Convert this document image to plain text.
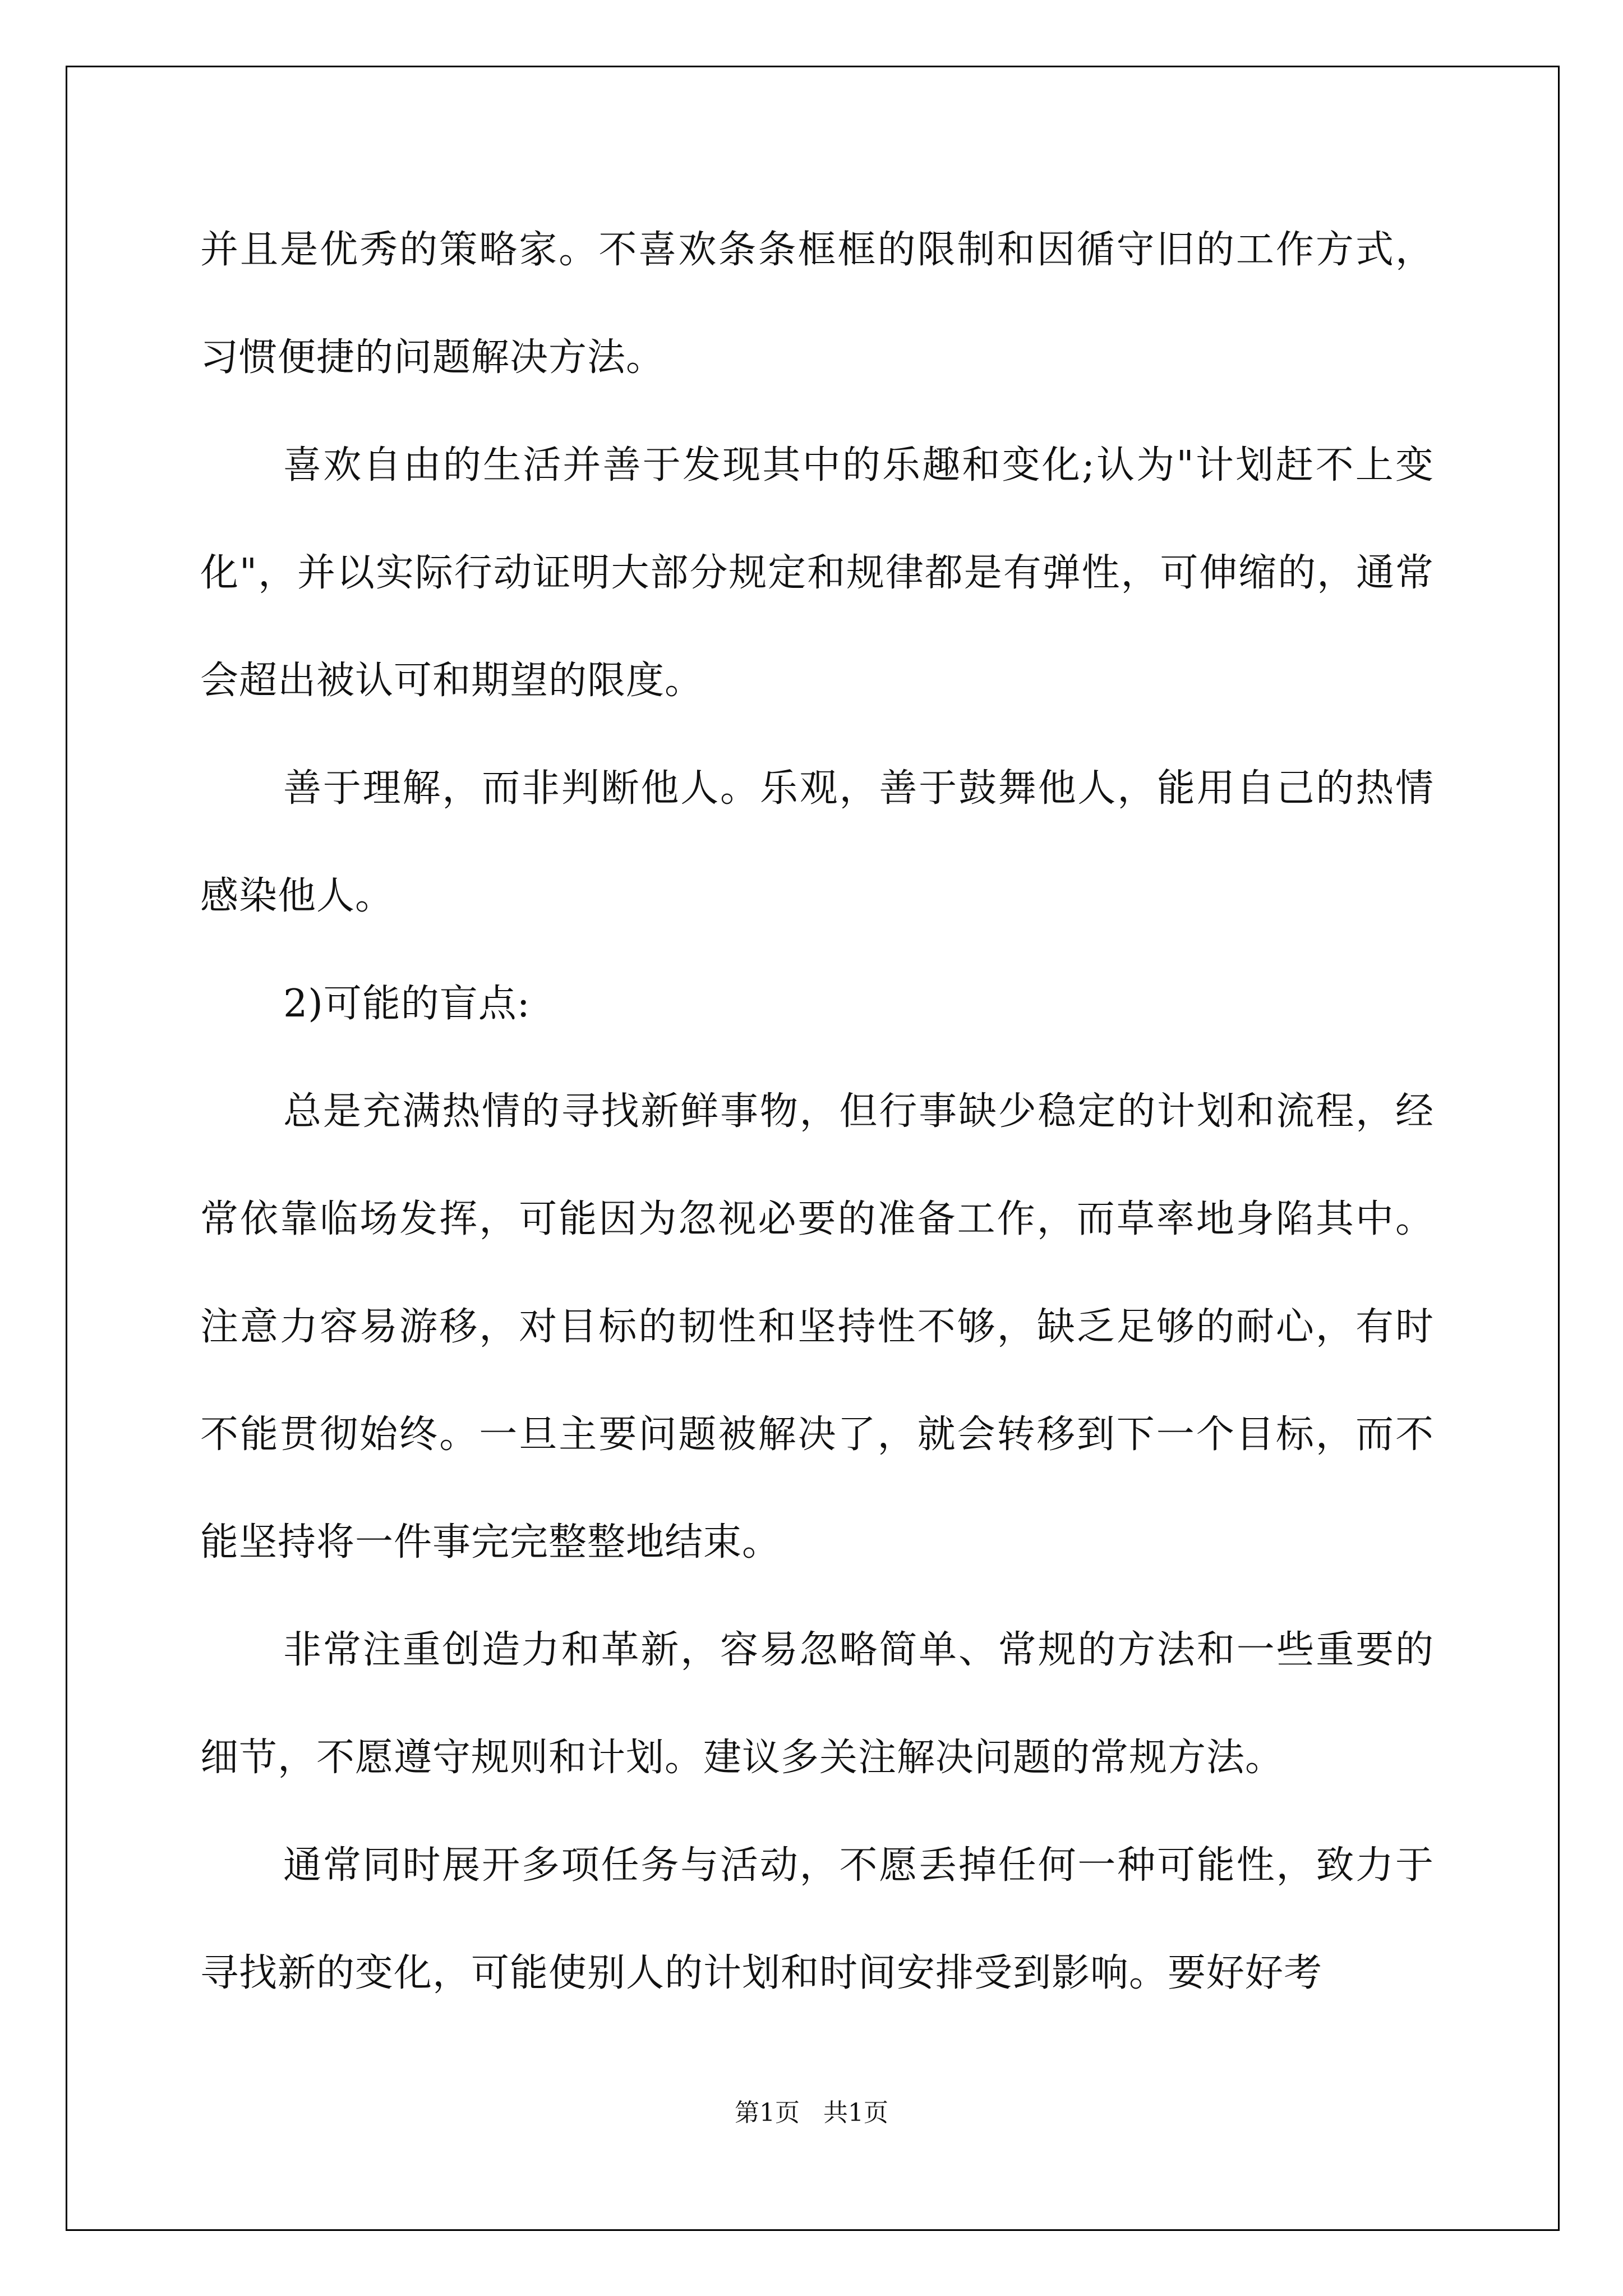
并且是优秀的策略家。不喜欢条条框框的限制和因循守旧的工作方式，习惯便捷的问题解决方法。

喜欢自由的生活并善于发现其中的乐趣和变化;认为"计划赶不上变化"，并以实际行动证明大部分规定和规律都是有弹性，可伸缩的，通常会超出被认可和期望的限度。

善于理解，而非判断他人。乐观，善于鼓舞他人，能用自己的热情感染他人。

2)可能的盲点:

总是充满热情的寻找新鲜事物，但行事缺少稳定的计划和流程，经常依靠临场发挥，可能因为忽视必要的准备工作，而草率地身陷其中。注意力容易游移，对目标的韧性和坚持性不够，缺乏足够的耐心，有时不能贯彻始终。一旦主要问题被解决了，就会转移到下一个目标，而不能坚持将一件事完完整整地结束。

非常注重创造力和革新，容易忽略简单、常规的方法和一些重要的细节，不愿遵守规则和计划。建议多关注解决问题的常规方法。

通常同时展开多项任务与活动，不愿丢掉任何一种可能性，致力于寻找新的变化，可能使别人的计划和时间安排受到影响。要好好考

第1页 共1页
